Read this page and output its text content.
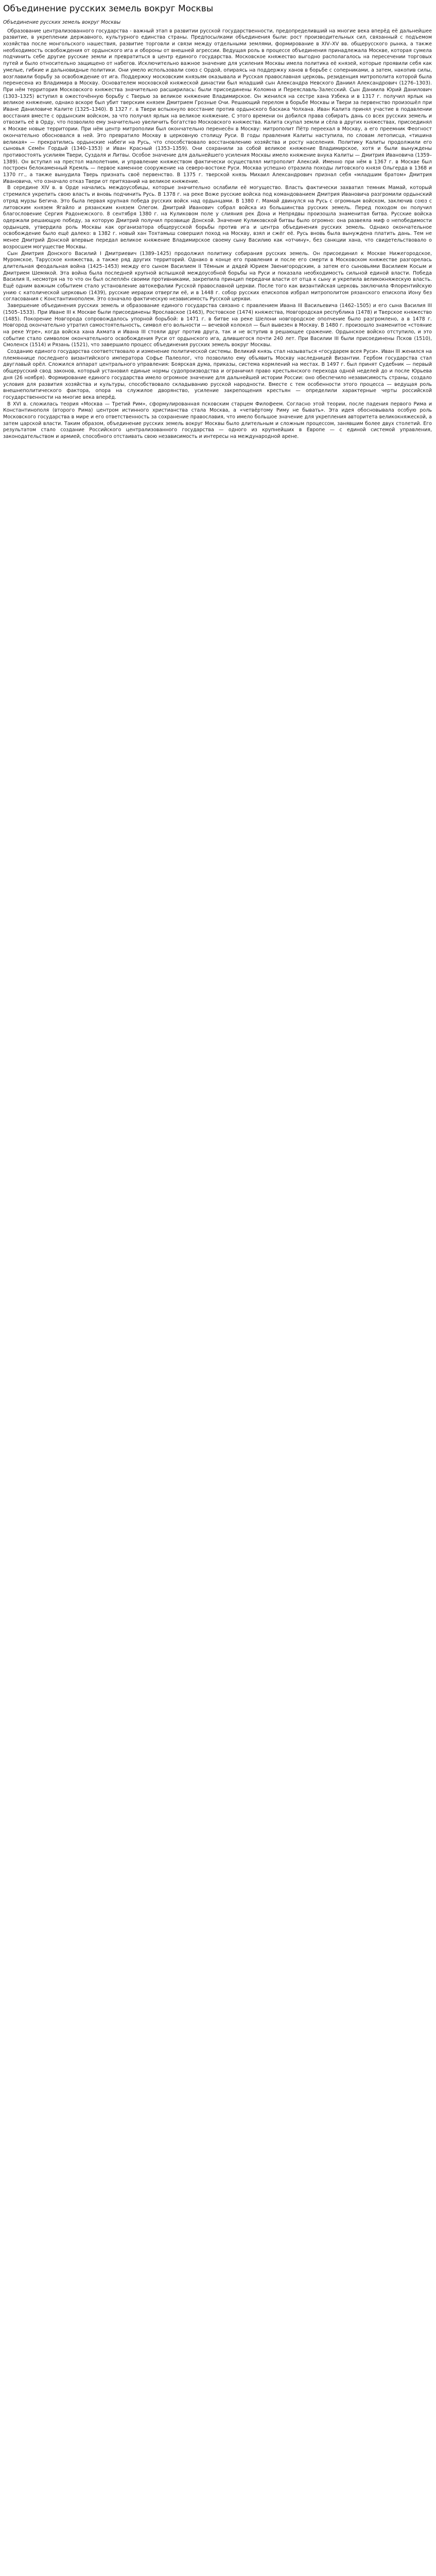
Объединение русских земель вокруг Москвы

Объединение русских земель вокруг Москвы

Образование централизованного государства - важный этап в развитии русской государственности, предопределивший на многие века вперёд её дальнейшее развитие, в укреплении державного, культурного единства страны. Предпосылками объединения были: рост производительных сил, связанный с подъемом хозяйства после монгольского нашествия, развитие торговли и связи между отдельными землями, формирование в XIV–XV вв. общерусского рынка, а также необходимость освобождения от ордынского ига и обороны от внешней агрессии. Ведущая роль в процессе объединения принадлежала Москве, которая сумела подчинить себе другие русские земли и превратиться в центр единого государства. Московское княжество выгодно располагалось на пересечении торговых путей и было относительно защищено от набегов. Исключительно важное значение для усиления Москвы имела политика её князей, которые проявили себя как умелые, гибкие и дальновидные политики. Они умело использовали союз с Ордой, опираясь на поддержку ханов в борьбе с соперниками, а затем, накопив силы, возглавили борьбу за освобождение от ига. Поддержку московским князьям оказывала и Русская православная церковь, резиденция митрополита которой была перенесена из Владимира в Москву. Основателем московской княжеской династии был младший сын Александра Невского Даниил Александрович (1276–1303). При нём территория Московского княжества значительно расширилась: были присоединены Коломна и Переяславль-Залесский. Сын Даниила Юрий Данилович (1303–1325) вступил в ожесточённую борьбу с Тверью за великое княжение Владимирское. Он женился на сестре хана Узбека и в 1317 г. получил ярлык на великое княжение, однако вскоре был убит тверским князем Дмитрием Грозные Очи. Решающий перелом в борьбе Москвы и Твери за первенство произошёл при Иване Даниловиче Калите (1325–1340). В 1327 г. в Твери вспыхнуло восстание против ордынского баскака Чолхана. Иван Калита принял участие в подавлении восстания вместе с ордынским войском, за что получил ярлык на великое княжение. С этого времени он добился права собирать дань со всех русских земель и отвозить её в Орду, что позволило ему значительно увеличить богатство Московского княжества. Калита скупал земли и сёла в других княжествах, присоединял к Москве новые территории. При нём центр митрополии был окончательно перенесён в Москву: митрополит Пётр переехал в Москву, а его преемник Феогност окончательно обосновался в ней. Это превратило Москву в церковную столицу Руси. В годы правления Калиты наступила, по словам летописца, «тишина великая» — прекратились ордынские набеги на Русь, что способствовало восстановлению хозяйства и росту населения. Политику Калиты продолжили его сыновья Семён Гордый (1340–1353) и Иван Красный (1353–1359). Они сохранили за собой великое княжение Владимирское, хотя и были вынуждены противостоять усилиям Твери, Суздаля и Литвы. Особое значение для дальнейшего усиления Москвы имело княжение внука Калиты — Дмитрия Ивановича (1359–1389). Он вступил на престол малолетним, и управление княжеством фактически осуществлял митрополит Алексий. Именно при нём в 1367 г. в Москве был построен белокаменный Кремль — первое каменное сооружение на северо-востоке Руси. Москва успешно отразила походы литовского князя Ольгерда в 1368 и 1370 гг., а также вынудила Тверь признать своё первенство. В 1375 г. тверской князь Михаил Александрович признал себя «младшим братом» Дмитрия Ивановича, что означало отказ Твери от притязаний на великое княжение.

В середине XIV в. в Орде начались междоусобицы, которые значительно ослабили её могущество. Власть фактически захватил темник Мамай, который стремился укрепить свою власть и вновь подчинить Русь. В 1378 г. на реке Воже русские войска под командованием Дмитрия Ивановича разгромили ордынский отряд мурзы Бегича. Это была первая крупная победа русских войск над ордынцами. В 1380 г. Мамай двинулся на Русь с огромным войском, заключив союз с литовским князем Ягайло и рязанским князем Олегом. Дмитрий Иванович собрал войска из большинства русских земель. Перед походом он получил благословение Сергия Радонежского. 8 сентября 1380 г. на Куликовом поле у слияния рек Дона и Непрядвы произошла знаменитая битва. Русские войска одержали решающую победу, за которую Дмитрий получил прозвище Донской. Значение Куликовской битвы было огромно: она развеяла миф о непобедимости ордынцев, утвердила роль Москвы как организатора общерусской борьбы против ига и центра объединения русских земель. Однако окончательное освобождение было ещё далеко: в 1382 г. новый хан Тохтамыш совершил поход на Москву, взял и сжёг её. Русь вновь была вынуждена платить дань. Тем не менее Дмитрий Донской впервые передал великое княжение Владимирское своему сыну Василию как «отчину», без санкции хана, что свидетельствовало о возросшем могуществе Москвы.

Сын Дмитрия Донского Василий I Дмитриевич (1389–1425) продолжил политику собирания русских земель. Он присоединил к Москве Нижегородское, Муромское, Тарусское княжества, а также ряд других территорий. Однако в конце его правления и после его смерти в Московском княжестве разгорелась длительная феодальная война (1425–1453) между его сыном Василием II Тёмным и дядей Юрием Звенигородским, а затем его сыновьями Василием Косым и Дмитрием Шемякой. Эта война была последней крупной вспышкой междоусобной борьбы на Руси и показала необходимость сильной единой власти. Победа Василия II, несмотря на то что он был ослеплён своими противниками, закрепила принцип передачи власти от отца к сыну и укрепила великокняжескую власть. Ещё одним важным событием стало установление автокефалии Русской православной церкви. После того как византийская церковь заключила Флорентийскую унию с католической церковью (1439), русские иерархи отвергли её, и в 1448 г. собор русских епископов избрал митрополитом рязанского епископа Иону без согласования с Константинополем. Это означало фактическую независимость Русской церкви.

Завершение объединения русских земель и образование единого государства связано с правлением Ивана III Васильевича (1462–1505) и его сына Василия III (1505–1533). При Иване III к Москве были присоединены Ярославское (1463), Ростовское (1474) княжества, Новгородская республика (1478) и Тверское княжество (1485). Покорение Новгорода сопровождалось упорной борьбой: в 1471 г. в битве на реке Шелони новгородское ополчение было разгромлено, а в 1478 г. Новгород окончательно утратил самостоятельность, символ его вольности — вечевой колокол — был вывезен в Москву. В 1480 г. произошло знаменитое «стояние на реке Угре», когда войска хана Ахмата и Ивана III стояли друг против друга, так и не вступив в решающее сражение. Ордынское войско отступило, и это событие стало символом окончательного освобождения Руси от ордынского ига, длившегося почти 240 лет. При Василии III были присоединены Псков (1510), Смоленск (1514) и Рязань (1521), что завершило процесс объединения русских земель вокруг Москвы.

Созданию единого государства соответствовало и изменение политической системы. Великий князь стал называться «государем всея Руси». Иван III женился на племяннице последнего византийского императора Софье Палеолог, что позволило ему объявить Москву наследницей Византии. Гербом государства стал двуглавый орёл. Сложился аппарат центрального управления: Боярская дума, приказы, система кормлений на местах. В 1497 г. был принят Судебник — первый общерусский свод законов, который установил единые нормы судопроизводства и ограничил право крестьянского перехода одной неделей до и после Юрьева дня (26 ноября). Формирование единого государства имело огромное значение для дальнейшей истории России: оно обеспечило независимость страны, создало условия для развития хозяйства и культуры, способствовало складыванию русской народности. Вместе с тем особенности этого процесса — ведущая роль внешнеполитического фактора, опора на служилое дворянство, усиление закрепощения крестьян — определили характерные черты российской государственности на многие века вперёд.

В XVI в. сложилась теория «Москва — Третий Рим», сформулированная псковским старцем Филофеем. Согласно этой теории, после падения первого Рима и Константинополя (второго Рима) центром истинного христианства стала Москва, а «четвёртому Риму не бывать». Эта идея обосновывала особую роль Московского государства в мире и его ответственность за сохранение православия, что имело большое значение для укрепления авторитета великокняжеской, а затем царской власти. Таким образом, объединение русских земель вокруг Москвы было длительным и сложным процессом, занявшим более двух столетий. Его результатом стало создание Российского централизованного государства — одного из крупнейших в Европе — с единой системой управления, законодательством и армией, способного отстаивать свою независимость и интересы на международной арене.
